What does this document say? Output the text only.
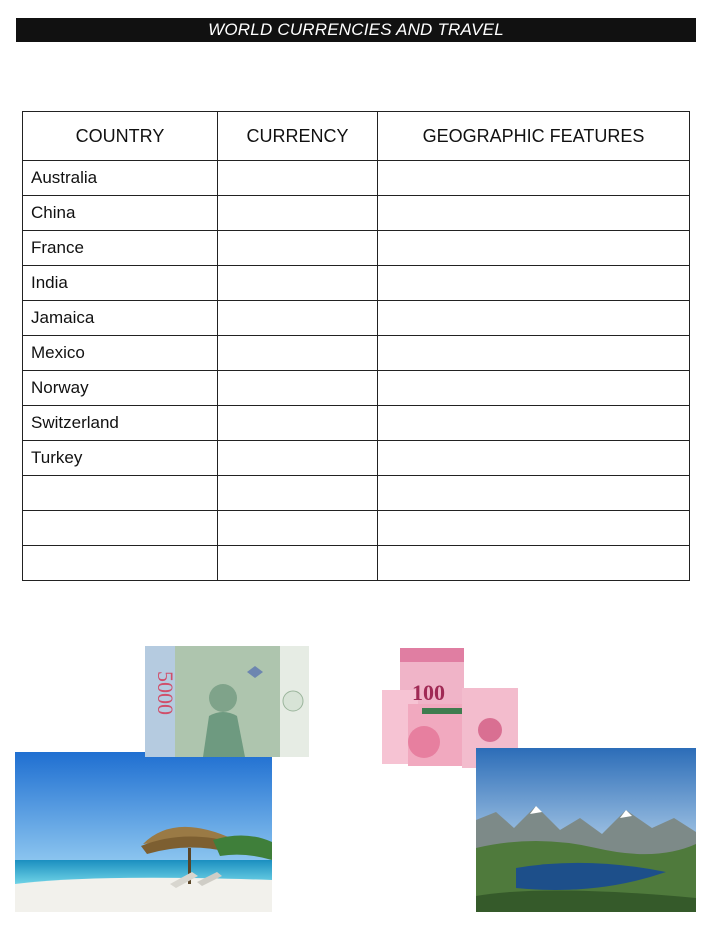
WORLD CURRENCIES AND TRAVEL
COUNTRY	CURRENCY	GEOGRAPHIC FEATURES
Australia		
China		
France		
India		
Jamaica		
Mexico		
Norway		
Switzerland		
Turkey		

5000	100
